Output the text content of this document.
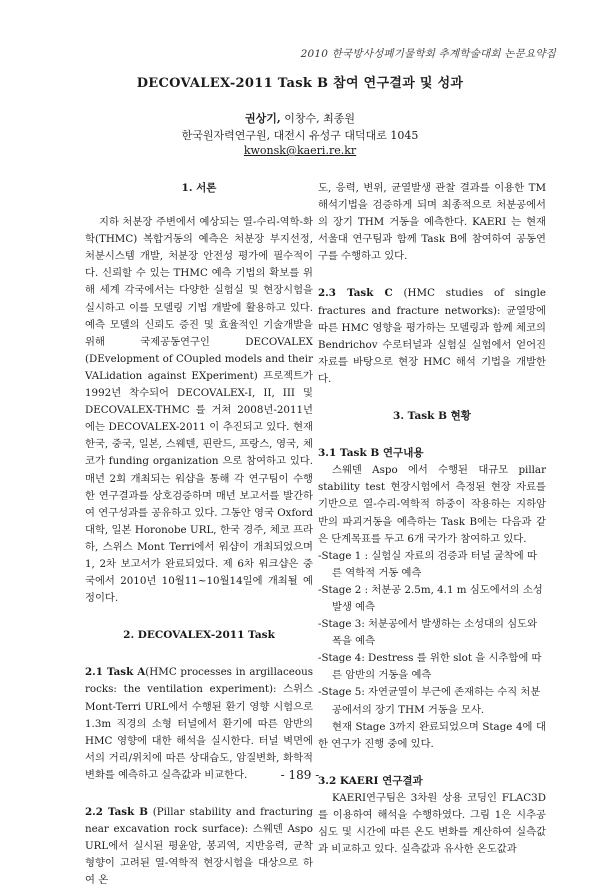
2010 한국방사성폐기물학회 추계학술대회 논문요약집
DECOVALEX-2011 Task B 참여 연구결과 및 성과
권상기, 이창수, 최종원
한국원자력연구원, 대전시 유성구 대덕대로 1045
kwonsk@kaeri.re.kr
1. 서론

지하 처분장 주변에서 예상되는 열-수리-역학-화학(THMC) 복합거동의 예측은 처분장 부지선정, 처분시스템 개발, 처분장 안전성 평가에 필수적이다. 신뢰할 수 있는 THMC 예측 기법의 확보를 위해 세계 각국에서는 다양한 실험실 및 현장시험을 실시하고 이를 모델링 기법 개발에 활용하고 있다. 예측 모델의 신뢰도 증진 및 효율적인 기술개발을 위해 국제공동연구인 DECOVALEX (DEvelopment of COupled models and their VALidation against EXperiment) 프로젝트가 1992년 착수되어 DECOVALEX-I, II, III 및 DECOVALEX-THMC 를 거쳐 2008년-2011년에는 DECOVALEX-2011 이 추진되고 있다. 현재 한국, 중국, 일본, 스웨덴, 핀란드, 프랑스, 영국, 체코가 funding organization 으로 참여하고 있다. 매년 2회 개최되는 워샵을 통해 각 연구팀이 수행한 연구결과를 상호검증하며 매년 보고서를 발간하여 연구성과를 공유하고 있다. 그동안 영국 Oxford 대학, 일본 Horonobe URL, 한국 경주, 체코 프라하, 스위스 Mont Terri에서 워샵이 개최되었으며 1, 2차 보고서가 완료되었다. 제 6차 워크샵은 중국에서 2010년 10월11~10월14일에 개최될 예정이다.

2. DECOVALEX-2011 Task

2.1 Task A(HMC processes in argillaceous rocks: the ventilation experiment): 스위스 Mont-Terri URL에서 수행된 환기 영향 시험으로 1.3m 직경의 소형 터널에서 환기에 따른 암반의 HMC 영향에 대한 해석을 실시한다. 터널 벽면에서의 거리/위치에 따른 상대습도, 암질변화, 화학적 변화를 예측하고 실측값과 비교한다.

2.2 Task B (Pillar stability and fracturing near excavation rock surface): 스웨덴 Aspo URL에서 실시된 평윤암, 봉괴역, 지반응력, 균착형향이 고려된 열-역학적 현장시험을 대상으로 하여 온

도, 응력, 변위, 균열발생 관찰 결과를 이용한 TM 해석기법을 검증하게 되며 최종적으로 처분공에서의 장기 THM 거동을 예측한다. KAERI 는 현재 서울대 연구팀과 함께 Task B에 참여하여 공동연구를 수행하고 있다.

2.3 Task C (HMC studies of single fractures and fracture networks): 균열망에 따른 HMC 영향을 평가하는 모델링과 함께 체코의 Bendrichov 수로터널과 실험실 실험에서 얻어진 자료를 바탕으로 현장 HMC 해석 기법을 개발한다.

3. Task B 현황
3.1 Task B 연구내용

스웨덴 Aspo 에서 수행된 대규모 pillar stability test 현장시험에서 측정된 현장 자료를 기반으로 열-수리-역학적 하중이 작용하는 지하암반의 파괴거동을 예측하는 Task B에는 다음과 같은 단계목표를 두고 6개 국가가 참여하고 있다.

-Stage 1 : 실험실 자료의 검증과 터널 굴착에 따른 역학적 거동 예측

-Stage 2 : 처분공 2.5m, 4.1 m 심도에서의 소성발생 예측

-Stage 3: 처분공에서 발생하는 소성대의 심도와 폭을 예측

-Stage 4: Destress 를 위한 slot 을 시추함에 따른 암반의 거동을 예측

-Stage 5: 자연균열이 부근에 존재하는 수직 처분공에서의 장기 THM 거동을 모사.

현재 Stage 3까지 완료되었으며 Stage 4에 대한 연구가 진행 중에 있다.

3.2 KAERI 연구결과

KAERI연구팀은 3차원 상용 코딩인 FLAC3D 를 이용하여 해석을 수행하였다. 그림 1은 시추공 심도 및 시간에 따른 온도 변화를 계산하여 실측값과 비교하고 있다. 실측값과 유사한 온도값과

- 189 -
